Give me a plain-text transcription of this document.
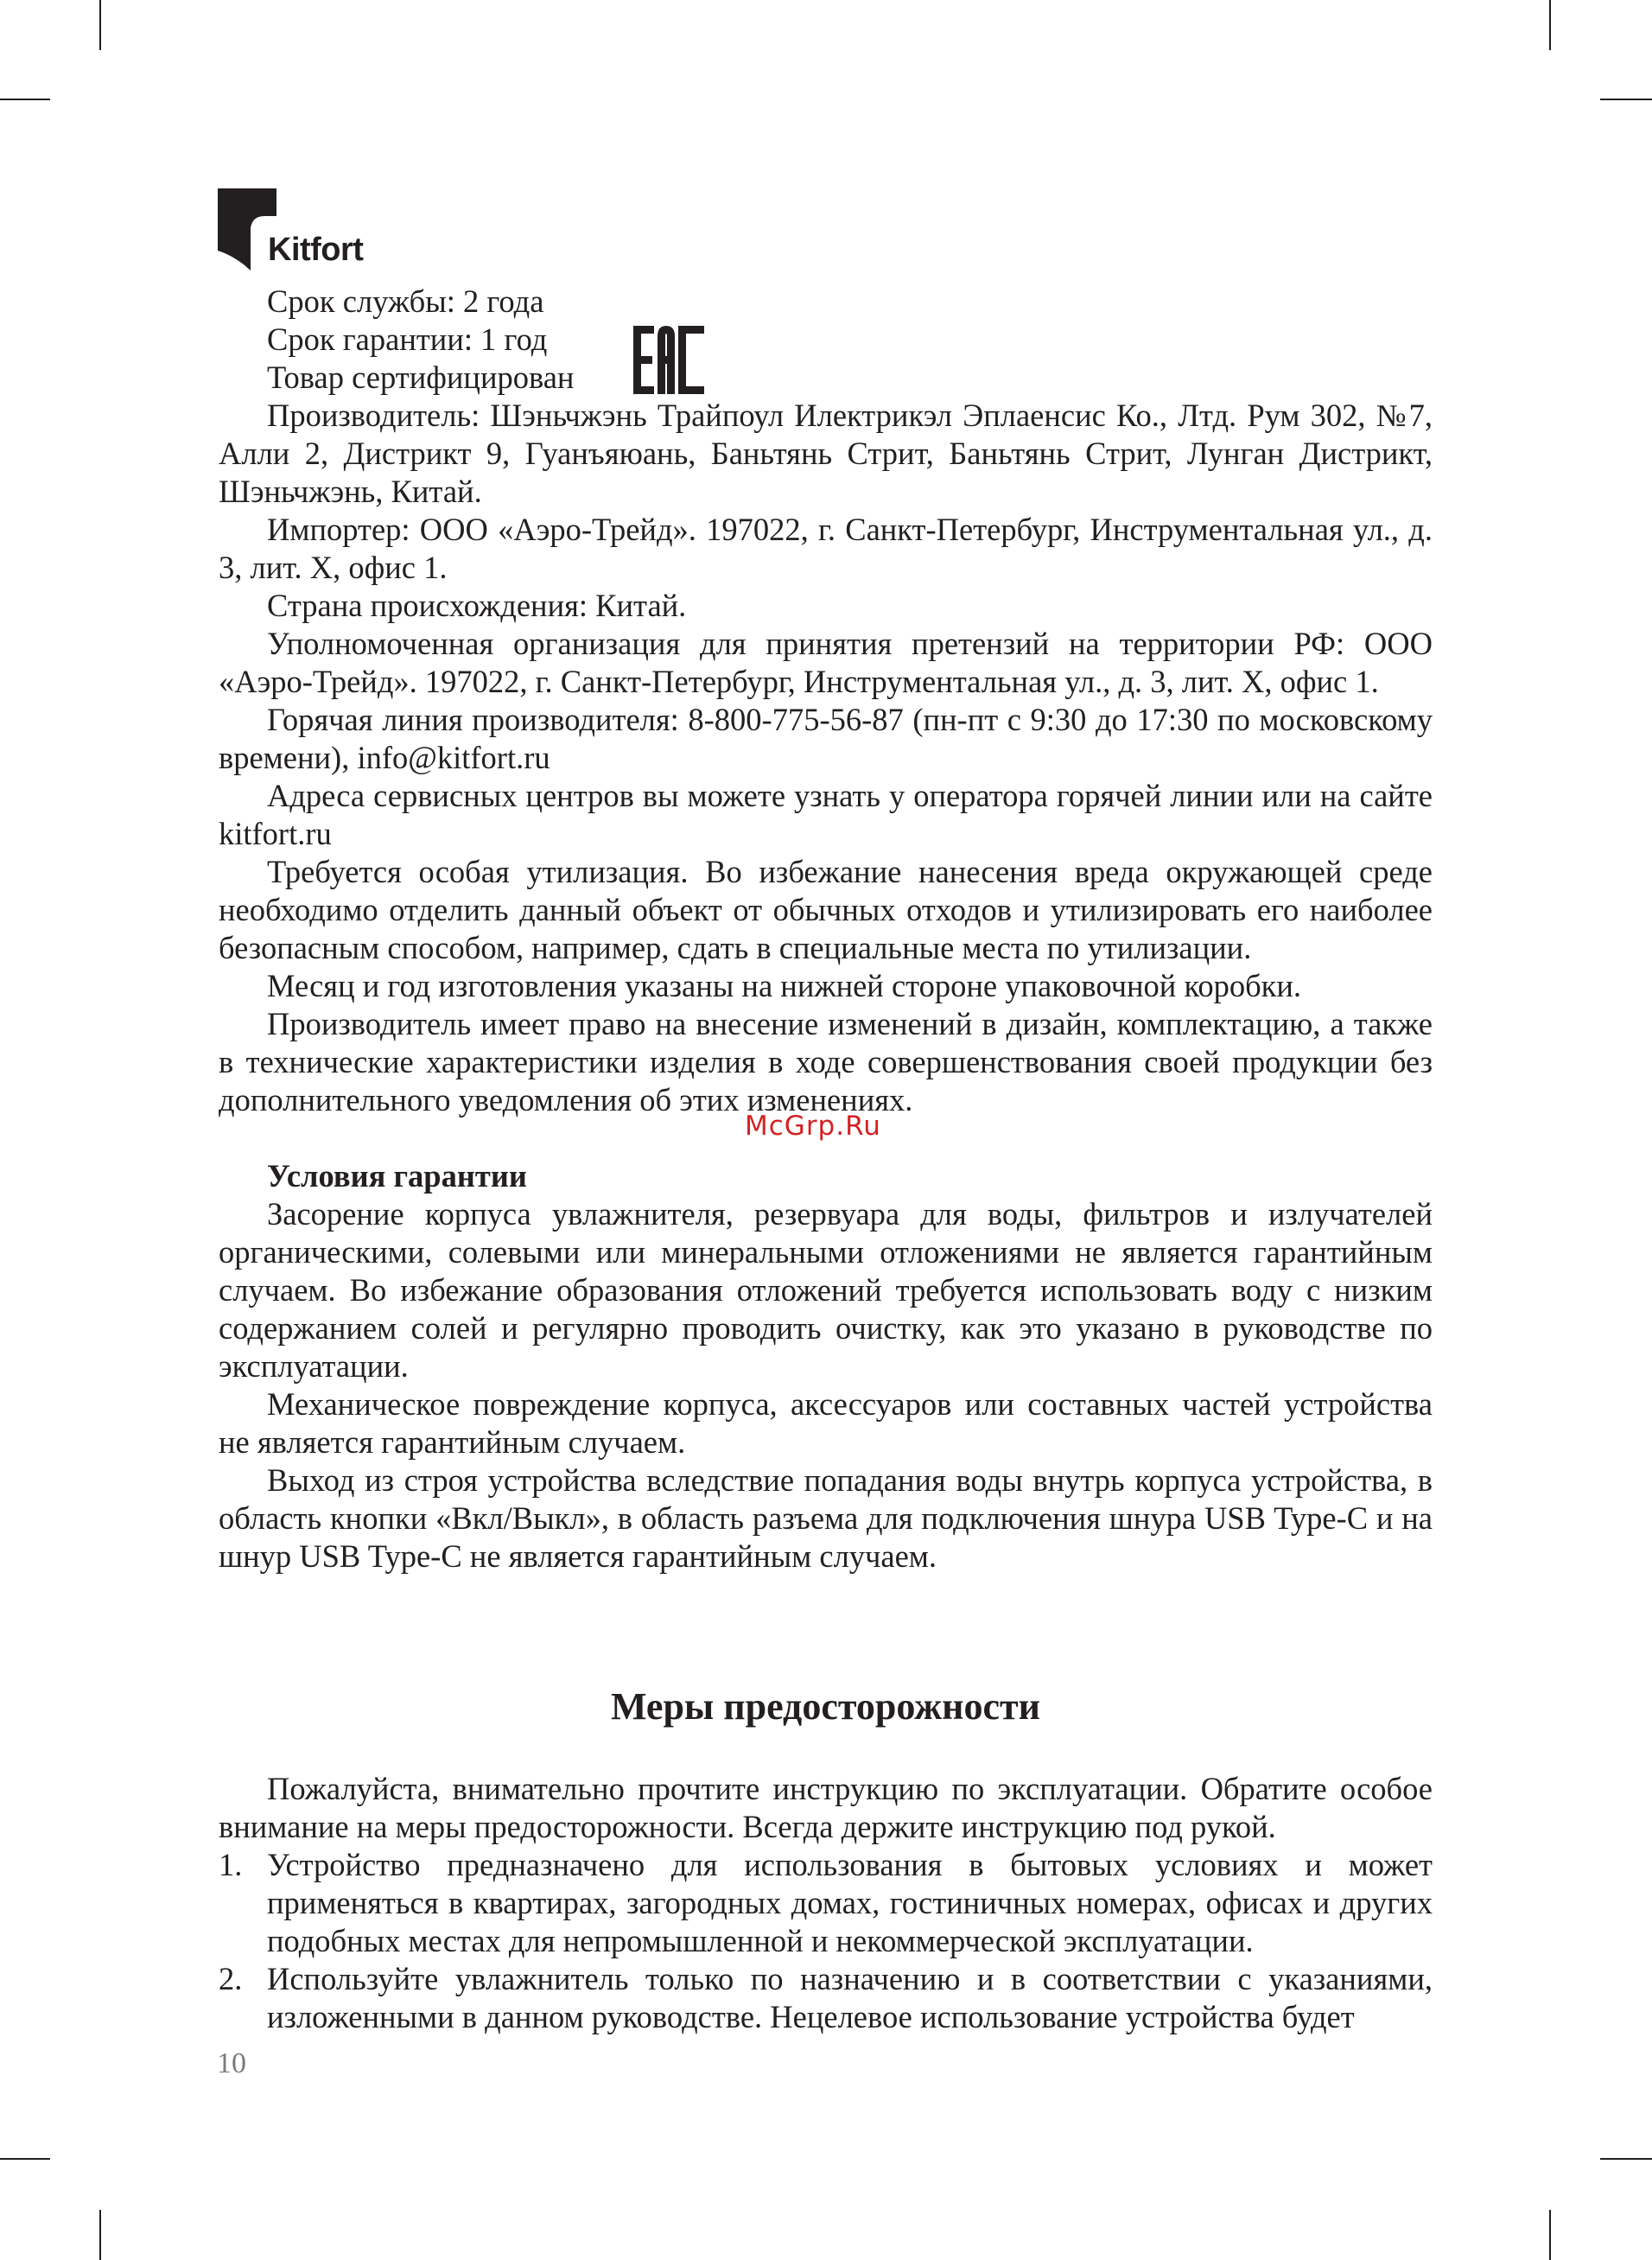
Kitfort

Срок службы: 2 года

Срок гарантии: 1 год

Товар сертифицирован

Производитель: Шэньчжэнь Трайпоул Илектрикэл Эплаенсис Ко., Лтд. Рум 302, №7, Алли 2, Дистрикт 9, Гуанъяюань, Баньтянь Стрит, Баньтянь Стрит, Лунган Дистрикт, Шэньчжэнь, Китай.

Импортер: ООО «Аэро-Трейд». 197022, г. Санкт-Петербург, Инструментальная ул., д. 3, лит. Х, офис 1.

Страна происхождения: Китай.

Уполномоченная организация для принятия претензий на территории РФ: ООО «Аэро-Трейд». 197022, г. Санкт-Петербург, Инструментальная ул., д. 3, лит. Х, офис 1.

Горячая линия производителя: 8-800-775-56-87 (пн-пт с 9:30 до 17:30 по московскому времени), info@kitfort.ru

Адреса сервисных центров вы можете узнать у оператора горячей линии или на сайте kitfort.ru

Требуется особая утилизация. Во избежание нанесения вреда окружающей среде необходимо отделить данный объект от обычных отходов и утилизировать его наиболее безопасным способом, например, сдать в специальные места по утилизации.

Месяц и год изготовления указаны на нижней стороне упаковочной коробки.

Производитель имеет право на внесение изменений в дизайн, комплектацию, а также в технические характеристики изделия в ходе совершенствования своей продукции без дополнительного уведомления об этих изменениях.

Условия гарантии

Засорение корпуса увлажнителя, резервуара для воды, фильтров и излучателей органическими, солевыми или минеральными отложениями не является гарантийным случаем. Во избежание образования отложений требуется использовать воду с низким содержанием солей и регулярно проводить очистку, как это указано в руководстве по эксплуатации.

Механическое повреждение корпуса, аксессуаров или составных частей устройства не является гарантийным случаем.

Выход из строя устройства вследствие попадания воды внутрь корпуса устройства, в область кнопки «Вкл/Выкл», в область разъема для подключения шнура USB Type-C и на шнур USB Type-C не является гарантийным случаем.

Меры предосторожности

Пожалуйста, внимательно прочтите инструкцию по эксплуатации. Обратите особое внимание на меры предосторожности. Всегда держите инструкцию под рукой.

1. Устройство предназначено для использования в бытовых условиях и может применяться в квартирах, загородных домах, гостиничных номерах, офисах и других подобных местах для непромышленной и некоммерческой эксплуатации.
2. Используйте увлажнитель только по назначению и в соответствии с указаниями, изложенными в данном руководстве. Нецелевое использование устройства будет
McGrp.Ru
10
